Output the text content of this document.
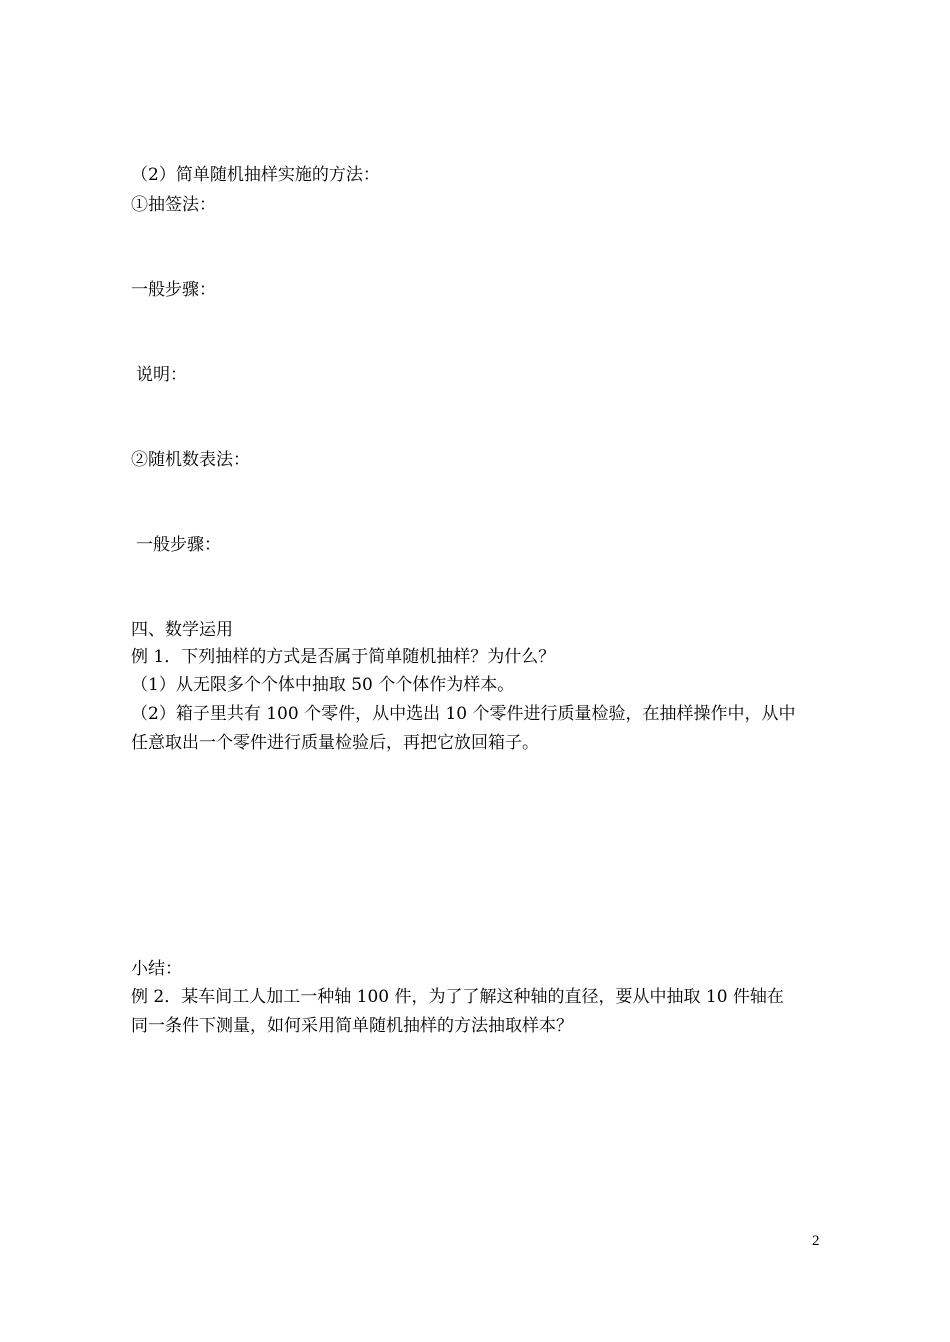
（2）简单随机抽样实施的方法：
①抽签法：
一般步骤：
说明：
②随机数表法：
一般步骤：
四、数学运用
例 1．下列抽样的方式是否属于简单随机抽样？为什么？
（1）从无限多个个体中抽取 50 个个体作为样本。
（2）箱子里共有 100 个零件，从中选出 10 个零件进行质量检验，在抽样操作中，从中
任意取出一个零件进行质量检验后，再把它放回箱子。
小结：
例 2．某车间工人加工一种轴 100 件，为了了解这种轴的直径，要从中抽取 10 件轴在
同一条件下测量，如何采用简单随机抽样的方法抽取样本？
2
